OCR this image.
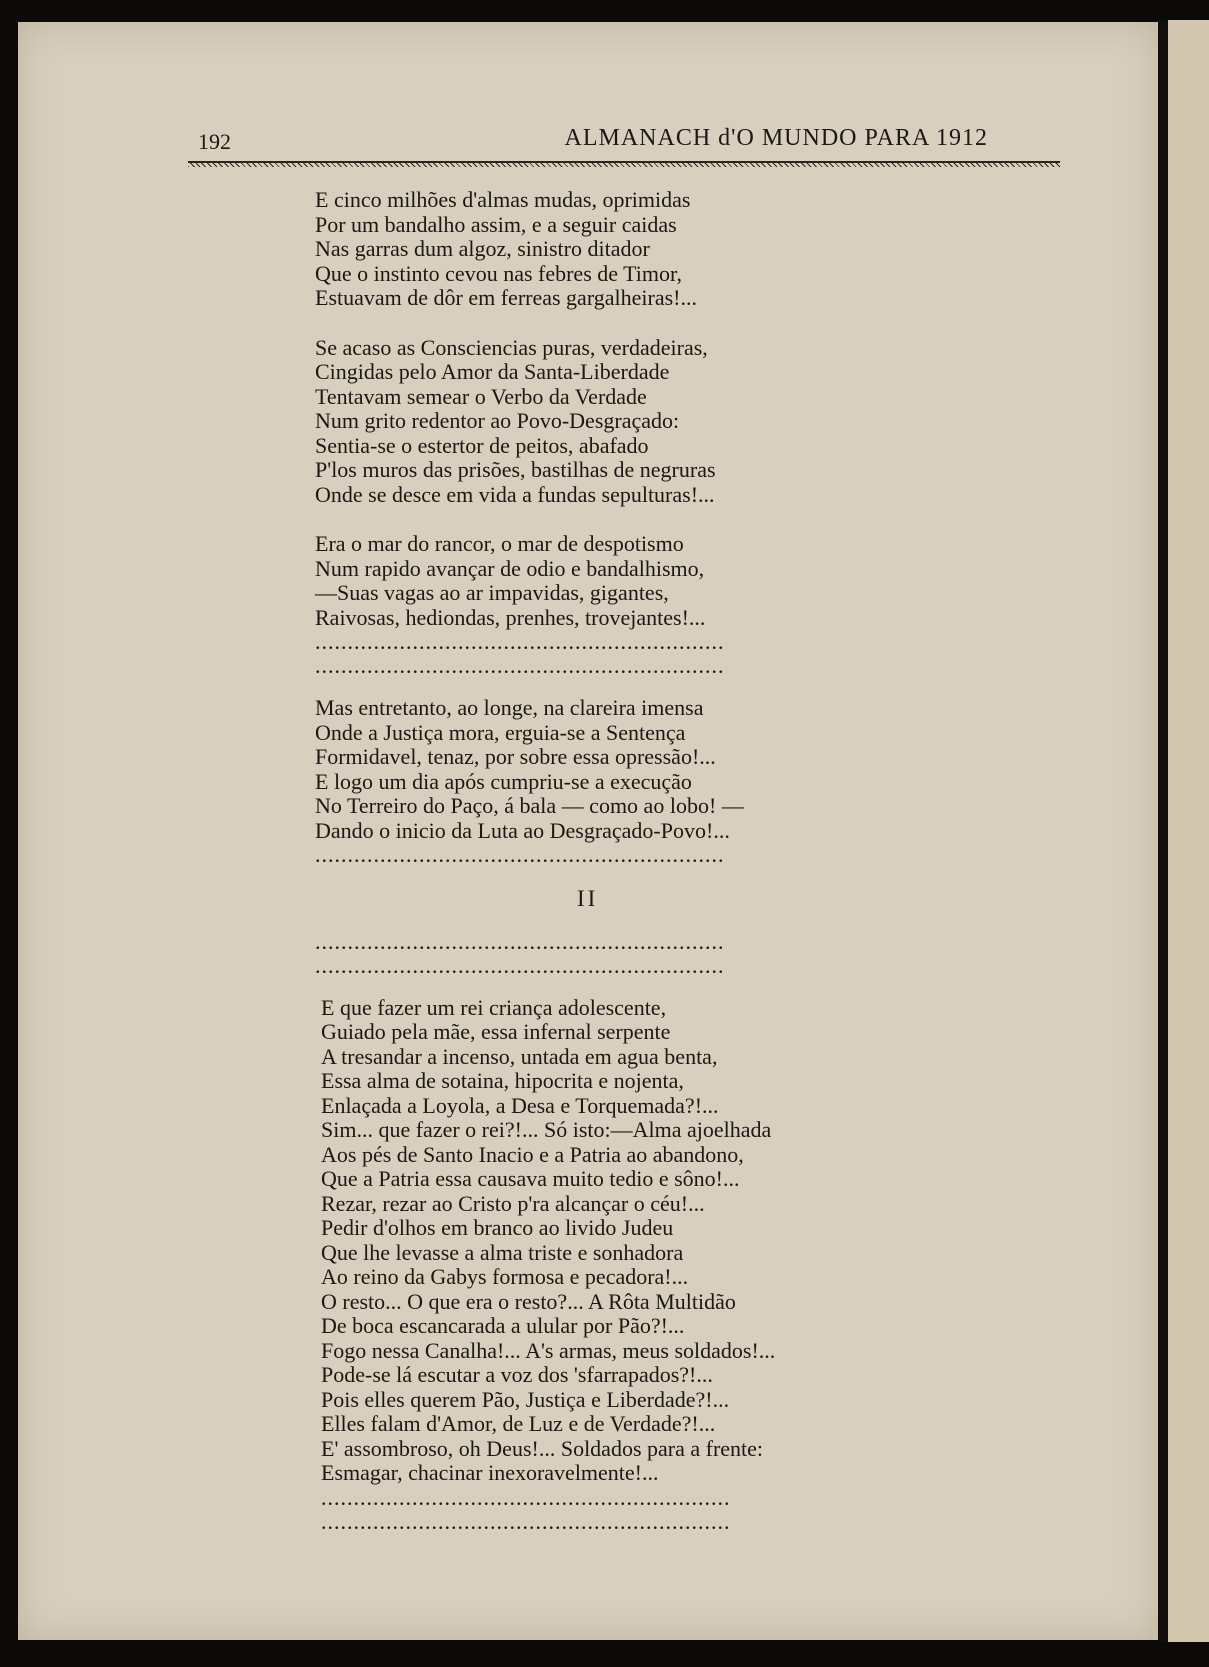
192	ALMANACH d'O MUNDO PARA 1912
E cinco milhões d'almas mudas, oprimidas
Por um bandalho assim, e a seguir caidas
Nas garras dum algoz, sinistro ditador
Que o instinto cevou nas febres de Timor,
Estuavam de dôr em ferreas gargalheiras!...
Se acaso as Consciencias puras, verdadeiras,
Cingidas pelo Amor da Santa-Liberdade
Tentavam semear o Verbo da Verdade
Num grito redentor ao Povo-Desgraçado:
Sentia-se o estertor de peitos, abafado
P'los muros das prisões, bastilhas de negruras
Onde se desce em vida a fundas sepulturas!...
Era o mar do rancor, o mar de despotismo
Num rapido avançar de odio e bandalhismo,
—Suas vagas ao ar impavidas, gigantes,
Raivosas, hediondas, prenhes, trovejantes!...
...............................................................
...............................................................
Mas entretanto, ao longe, na clareira imensa
Onde a Justiça mora, erguia-se a Sentença
Formidavel, tenaz, por sobre essa opressão!...
E logo um dia após cumpriu-se a execução
No Terreiro do Paço, á bala — como ao lobo! —
Dando o inicio da Luta ao Desgraçado-Povo!...
...............................................................
II
...............................................................
...............................................................
E que fazer um rei criança adolescente,
Guiado pela mãe, essa infernal serpente
A tresandar a incenso, untada em agua benta,
Essa alma de sotaina, hipocrita e nojenta,
Enlaçada a Loyola, a Desa e Torquemada?!...
Sim... que fazer o rei?!... Só isto:—Alma ajoelhada
Aos pés de Santo Inacio e a Patria ao abandono,
Que a Patria essa causava muito tedio e sôno!...
Rezar, rezar ao Cristo p'ra alcançar o céu!...
Pedir d'olhos em branco ao livido Judeu
Que lhe levasse a alma triste e sonhadora
Ao reino da Gabys formosa e pecadora!...
O resto... O que era o resto?... A Rôta Multidão
De boca escancarada a ulular por Pão?!...
Fogo nessa Canalha!... A's armas, meus soldados!...
Pode-se lá escutar a voz dos 'sfarrapados?!...
Pois elles querem Pão, Justiça e Liberdade?!...
Elles falam d'Amor, de Luz e de Verdade?!...
E' assombroso, oh Deus!... Soldados para a frente:
Esmagar, chacinar inexoravelmente!...
...............................................................
...............................................................
